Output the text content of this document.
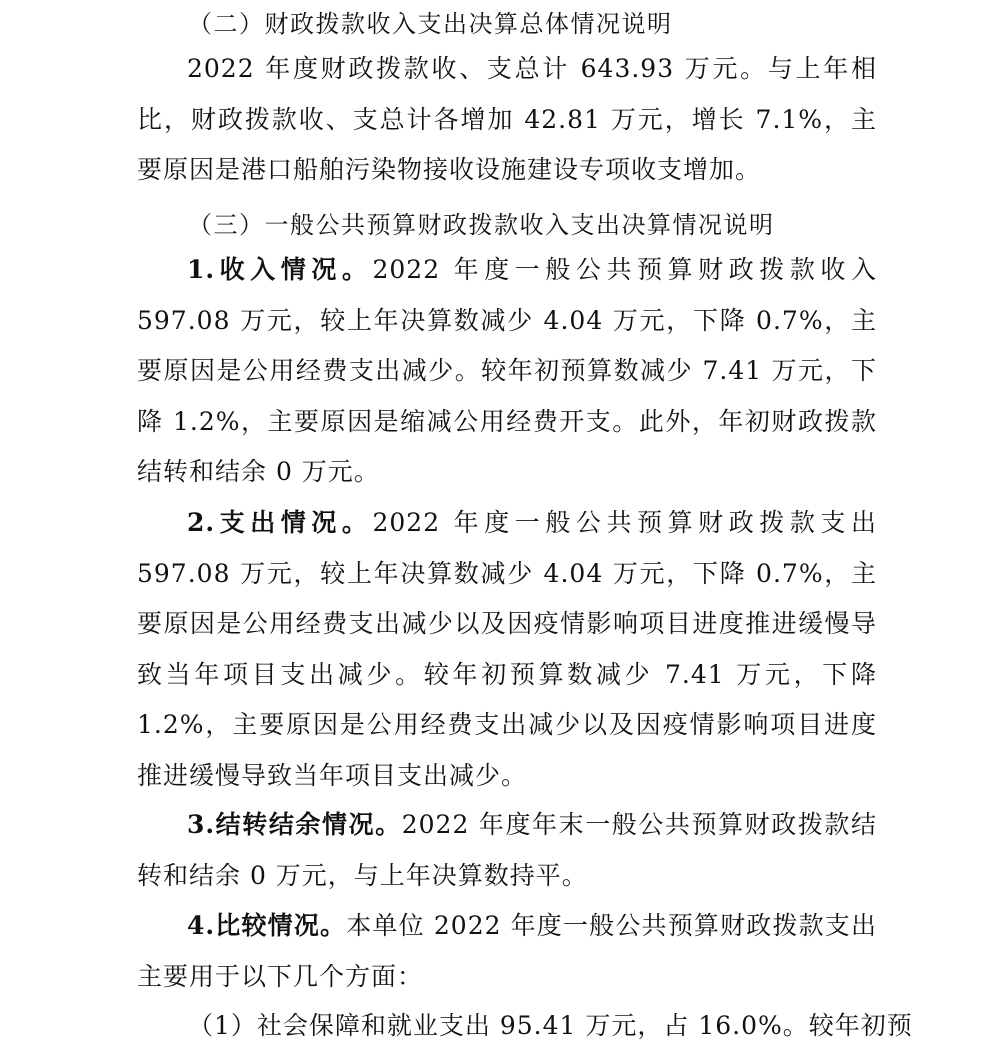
（二）财政拨款收入支出决算总体情况说明

2022 年度财政拨款收、支总计 643.93 万元。与上年相比，财政拨款收、支总计各增加 42.81 万元，增长 7.1%，主要原因是港口船舶污染物接收设施建设专项收支增加。

（三）一般公共预算财政拨款收入支出决算情况说明

1.收入情况。2022 年度一般公共预算财政拨款收入 597.08 万元，较上年决算数减少 4.04 万元，下降 0.7%，主要原因是公用经费支出减少。较年初预算数减少 7.41 万元，下降 1.2%，主要原因是缩减公用经费开支。此外，年初财政拨款结转和结余 0 万元。

2.支出情况。2022 年度一般公共预算财政拨款支出 597.08 万元，较上年决算数减少 4.04 万元，下降 0.7%，主要原因是公用经费支出减少以及因疫情影响项目进度推进缓慢导致当年项目支出减少。较年初预算数减少 7.41 万元，下降 1.2%，主要原因是公用经费支出减少以及因疫情影响项目进度推进缓慢导致当年项目支出减少。

3.结转结余情况。2022 年度年末一般公共预算财政拨款结转和结余 0 万元，与上年决算数持平。

4.比较情况。本单位 2022 年度一般公共预算财政拨款支出主要用于以下几个方面：

（1）社会保障和就业支出 95.41 万元，占 16.0%。较年初预
